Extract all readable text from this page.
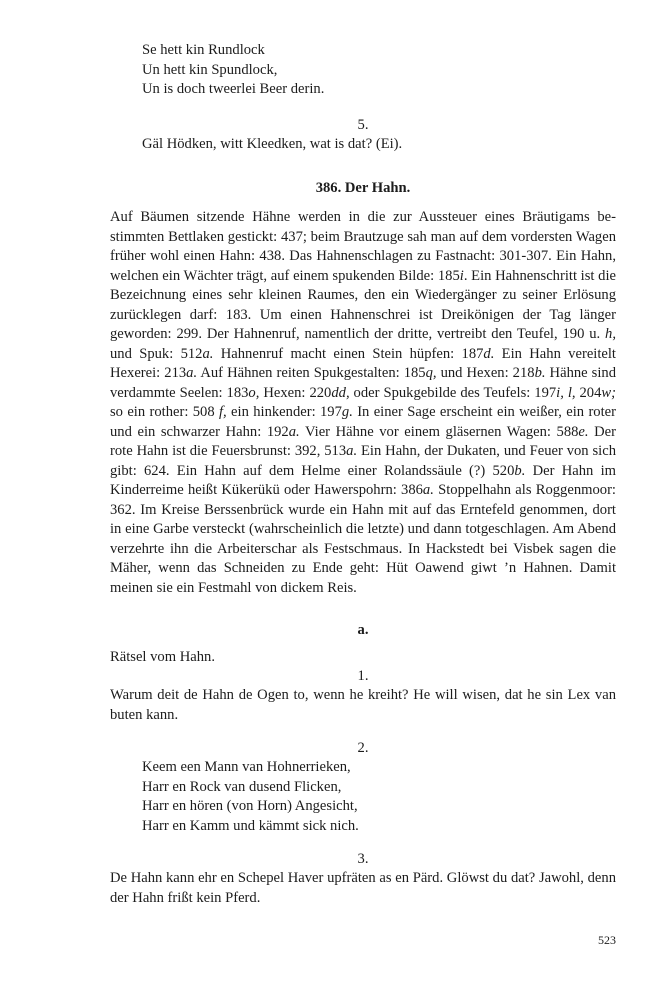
Se hett kin Rundlock
Un hett kin Spundlock,
Un is doch tweerlei Beer derin.
5.
Gäl Hödken, witt Kleedken, wat is dat? (Ei).
386. Der Hahn.
Auf Bäumen sitzende Hähne werden in die zur Aussteuer eines Bräutigams bestimmten Bettlaken gestickt: 437; beim Brautzuge sah man auf dem vordersten Wagen früher wohl einen Hahn: 438. Das Hahnenschlagen zu Fastnacht: 301-307. Ein Hahn, welchen ein Wächter trägt, auf einem spukenden Bilde: 185i. Ein Hahnenschritt ist die Bezeichnung eines sehr kleinen Raumes, den ein Wiedergänger zu seiner Erlösung zurücklegen darf: 183. Um einen Hahnenschrei ist Dreikönigen der Tag länger geworden: 299. Der Hahnenruf, namentlich der dritte, vertreibt den Teufel, 190 u. h, und Spuk: 512a. Hahnenruf macht einen Stein hüpfen: 187d. Ein Hahn vereitelt Hexerei: 213a. Auf Hähnen reiten Spukgestalten: 185q, und Hexen: 218b. Hähne sind verdammte Seelen: 183o, Hexen: 220dd, oder Spukgebilde des Teufels: 197i, l, 204w; so ein rother: 508 f, ein hinkender: 197g. In einer Sage erscheint ein weißer, ein roter und ein schwarzer Hahn: 192a. Vier Hähne vor einem gläsernen Wagen: 588e. Der rote Hahn ist die Feuersbrunst: 392, 513a. Ein Hahn, der Dukaten, und Feuer von sich gibt: 624. Ein Hahn auf dem Helme einer Rolandssäule (?) 520b. Der Hahn im Kinderreime heißt Kükerükü oder Hawerspohrn: 386a. Stoppelhahn als Roggenmoor: 362. Im Kreise Berssenbrück wurde ein Hahn mit auf das Erntefeld genommen, dort in eine Garbe versteckt (wahrscheinlich die letzte) und dann totgeschlagen. Am Abend verzehrte ihn die Arbeiterschar als Festschmaus. In Hackstedt bei Visbek sagen die Mäher, wenn das Schneiden zu Ende geht: Hüt Oawend giwt ’n Hahnen. Damit meinen sie ein Festmahl von dickem Reis.
a.
Rätsel vom Hahn.
1.
Warum deit de Hahn de Ogen to, wenn he kreiht? He will wisen, dat he sin Lex van buten kann.
2.
Keem een Mann van Hohnerrieken,
Harr en Rock van dusend Flicken,
Harr en hören (von Horn) Angesicht,
Harr en Kamm und kämmt sick nich.
3.
De Hahn kann ehr en Schepel Haver upfräten as en Pärd. Glöwst du dat? Jawohl, denn der Hahn frißt kein Pferd.
523
